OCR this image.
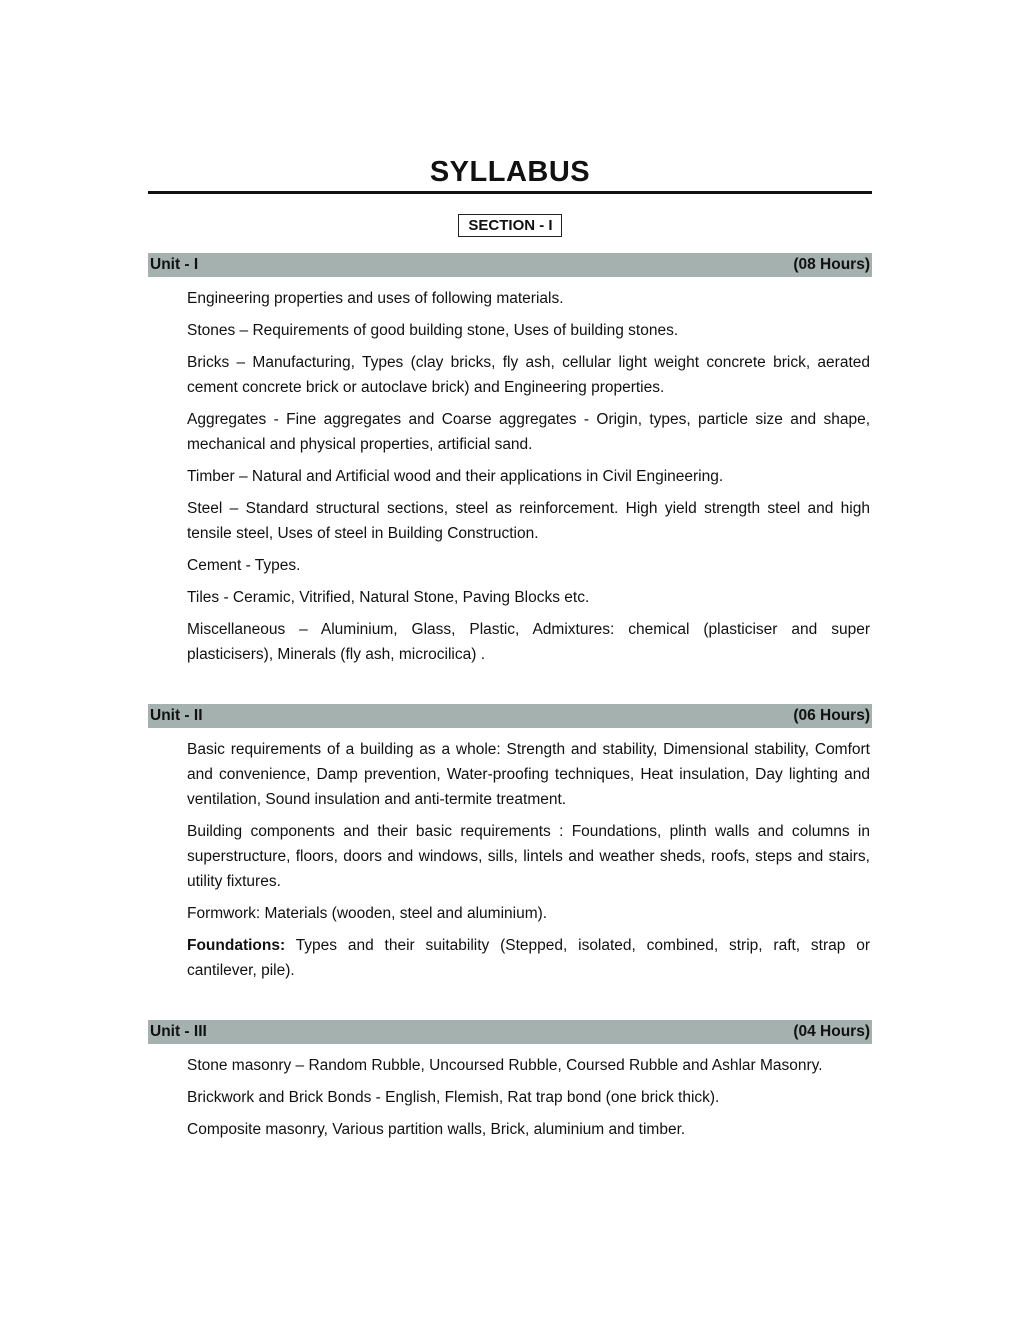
SYLLABUS
SECTION - I
Unit - I	(08 Hours)
Engineering properties and uses of following materials.
Stones – Requirements of good building stone, Uses of building stones.
Bricks – Manufacturing, Types (clay bricks, fly ash, cellular light weight concrete brick, aerated cement concrete brick or autoclave brick) and Engineering properties.
Aggregates - Fine aggregates and Coarse aggregates - Origin, types, particle size and shape, mechanical and physical properties, artificial sand.
Timber – Natural and Artificial wood and their applications in Civil Engineering.
Steel – Standard structural sections, steel as reinforcement. High yield strength steel and high tensile steel, Uses of steel in Building Construction.
Cement - Types.
Tiles - Ceramic, Vitrified, Natural Stone, Paving Blocks etc.
Miscellaneous – Aluminium, Glass, Plastic, Admixtures: chemical (plasticiser and super plasticisers), Minerals (fly ash, microcilica) .
Unit - II	(06 Hours)
Basic requirements of a building as a whole: Strength and stability, Dimensional stability, Comfort and convenience, Damp prevention, Water-proofing techniques, Heat insulation, Day lighting and ventilation, Sound insulation and anti-termite treatment.
Building components and their basic requirements : Foundations, plinth walls and columns in superstructure, floors, doors and windows, sills, lintels and weather sheds, roofs, steps and stairs, utility fixtures.
Formwork: Materials (wooden, steel and aluminium).
Foundations: Types and their suitability (Stepped, isolated, combined, strip, raft, strap or cantilever, pile).
Unit - III	(04 Hours)
Stone masonry – Random Rubble, Uncoursed Rubble, Coursed Rubble and Ashlar Masonry.
Brickwork and Brick Bonds - English, Flemish, Rat trap bond (one brick thick).
Composite masonry, Various partition walls, Brick, aluminium and timber.
